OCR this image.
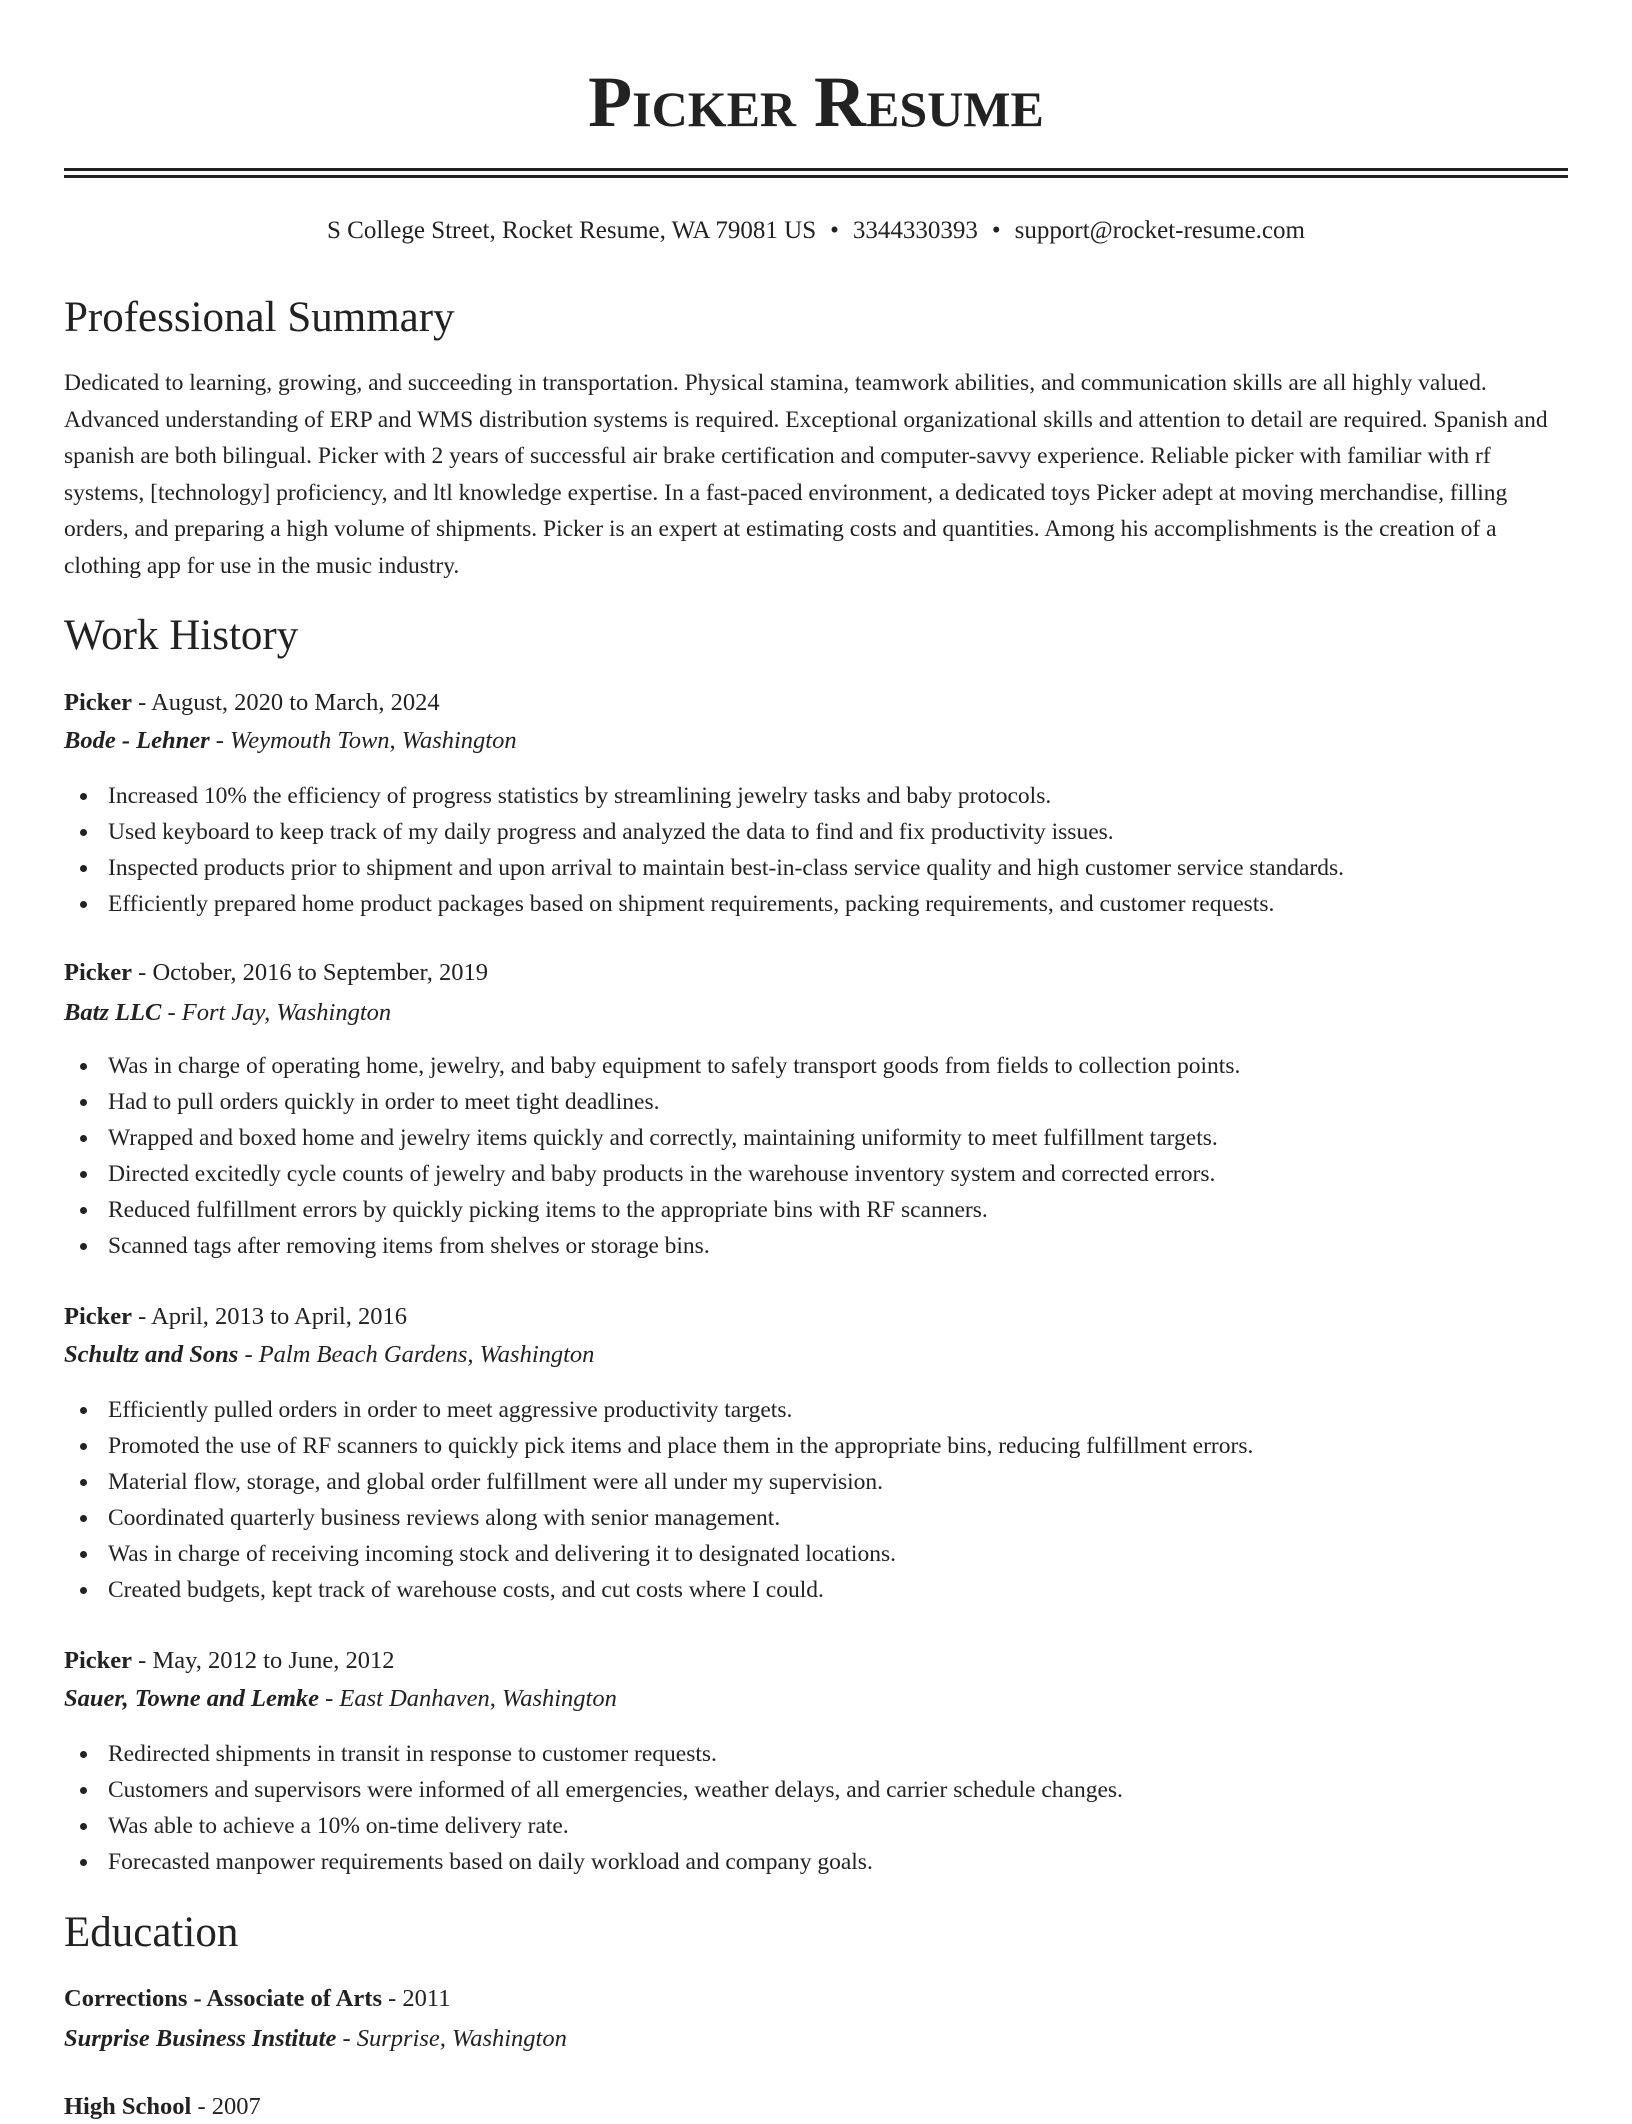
Picker Resume
S College Street, Rocket Resume, WA 79081 US • 3344330393 • support@rocket-resume.com
Professional Summary

Dedicated to learning, growing, and succeeding in transportation. Physical stamina, teamwork abilities, and communication skills are all highly valued. Advanced understanding of ERP and WMS distribution systems is required. Exceptional organizational skills and attention to detail are required. Spanish and spanish are both bilingual. Picker with 2 years of successful air brake certification and computer-savvy experience. Reliable picker with familiar with rf systems, [technology] proficiency, and ltl knowledge expertise. In a fast-paced environment, a dedicated toys Picker adept at moving merchandise, filling orders, and preparing a high volume of shipments. Picker is an expert at estimating costs and quantities. Among his accomplishments is the creation of a clothing app for use in the music industry.

Work History
Picker - August, 2020 to March, 2024
Bode - Lehner - Weymouth Town, Washington
Increased 10% the efficiency of progress statistics by streamlining jewelry tasks and baby protocols.
Used keyboard to keep track of my daily progress and analyzed the data to find and fix productivity issues.
Inspected products prior to shipment and upon arrival to maintain best-in-class service quality and high customer service standards.
Efficiently prepared home product packages based on shipment requirements, packing requirements, and customer requests.
Picker - October, 2016 to September, 2019
Batz LLC - Fort Jay, Washington
Was in charge of operating home, jewelry, and baby equipment to safely transport goods from fields to collection points.
Had to pull orders quickly in order to meet tight deadlines.
Wrapped and boxed home and jewelry items quickly and correctly, maintaining uniformity to meet fulfillment targets.
Directed excitedly cycle counts of jewelry and baby products in the warehouse inventory system and corrected errors.
Reduced fulfillment errors by quickly picking items to the appropriate bins with RF scanners.
Scanned tags after removing items from shelves or storage bins.
Picker - April, 2013 to April, 2016
Schultz and Sons - Palm Beach Gardens, Washington
Efficiently pulled orders in order to meet aggressive productivity targets.
Promoted the use of RF scanners to quickly pick items and place them in the appropriate bins, reducing fulfillment errors.
Material flow, storage, and global order fulfillment were all under my supervision.
Coordinated quarterly business reviews along with senior management.
Was in charge of receiving incoming stock and delivering it to designated locations.
Created budgets, kept track of warehouse costs, and cut costs where I could.
Picker - May, 2012 to June, 2012
Sauer, Towne and Lemke - East Danhaven, Washington
Redirected shipments in transit in response to customer requests.
Customers and supervisors were informed of all emergencies, weather delays, and carrier schedule changes.
Was able to achieve a 10% on-time delivery rate.
Forecasted manpower requirements based on daily workload and company goals.
Education
Corrections - Associate of Arts - 2011
Surprise Business Institute - Surprise, Washington
High School - 2007
